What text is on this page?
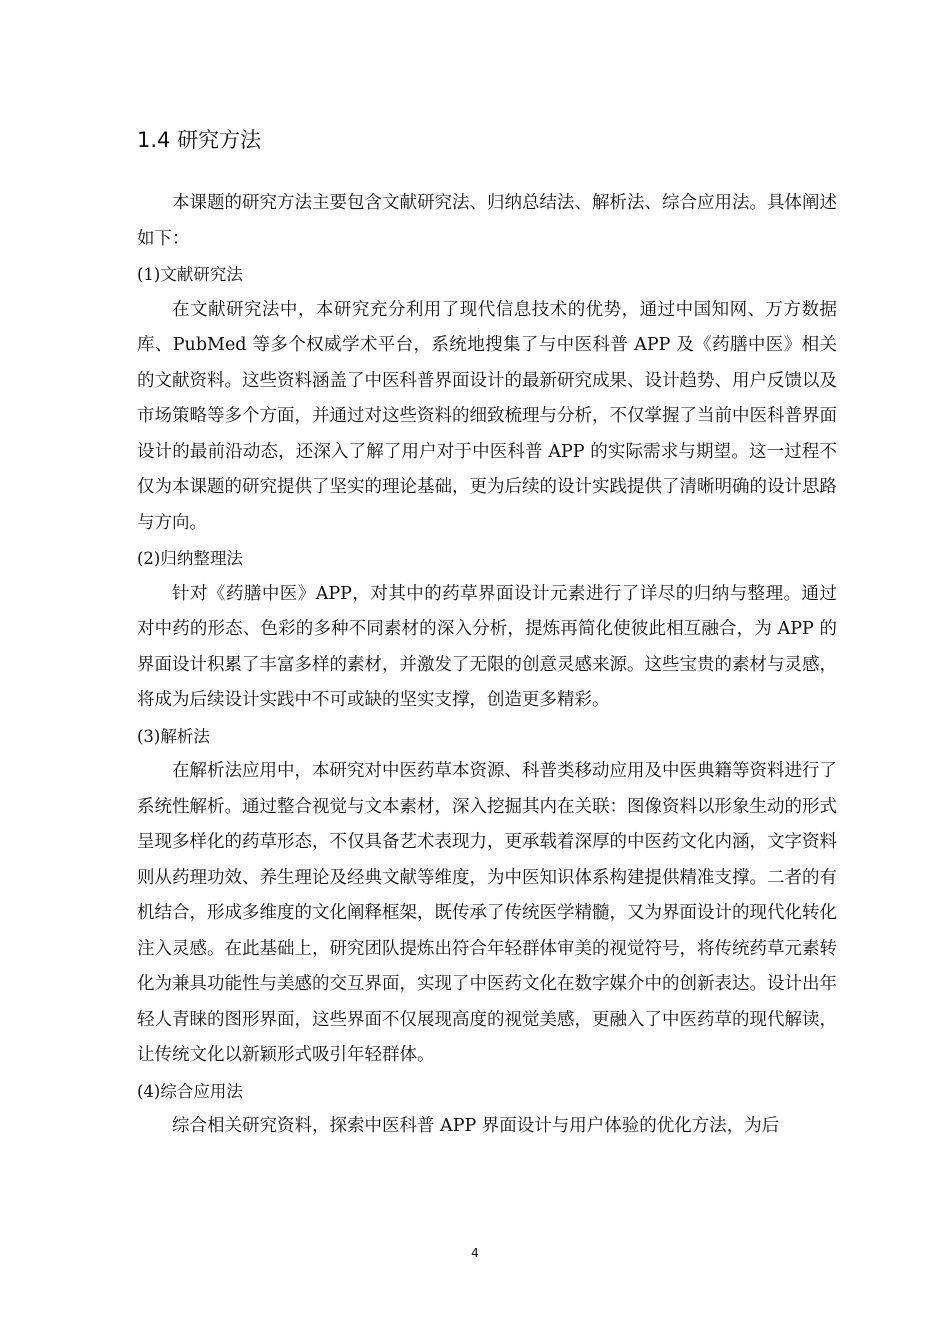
1.4 研究方法

本课题的研究方法主要包含文献研究法、归纳总结法、解析法、综合应用法。具体阐述如下：

(1)文献研究法

在文献研究法中，本研究充分利用了现代信息技术的优势，通过中国知网、万方数据库、PubMed 等多个权威学术平台，系统地搜集了与中医科普 APP 及《药膳中医》相关的文献资料。这些资料涵盖了中医科普界面设计的最新研究成果、设计趋势、用户反馈以及市场策略等多个方面，并通过对这些资料的细致梳理与分析，不仅掌握了当前中医科普界面设计的最前沿动态，还深入了解了用户对于中医科普 APP 的实际需求与期望。这一过程不仅为本课题的研究提供了坚实的理论基础，更为后续的设计实践提供了清晰明确的设计思路与方向。

(2)归纳整理法

针对《药膳中医》APP，对其中的药草界面设计元素进行了详尽的归纳与整理。通过对中药的形态、色彩的多种不同素材的深入分析，提炼再简化使彼此相互融合，为 APP 的界面设计积累了丰富多样的素材，并激发了无限的创意灵感来源。这些宝贵的素材与灵感，将成为后续设计实践中不可或缺的坚实支撑，创造更多精彩。

(3)解析法

在解析法应用中，本研究对中医药草本资源、科普类移动应用及中医典籍等资料进行了系统性解析。通过整合视觉与文本素材，深入挖掘其内在关联：图像资料以形象生动的形式呈现多样化的药草形态，不仅具备艺术表现力，更承载着深厚的中医药文化内涵，文字资料则从药理功效、养生理论及经典文献等维度，为中医知识体系构建提供精准支撑。二者的有机结合，形成多维度的文化阐释框架，既传承了传统医学精髓，又为界面设计的现代化转化注入灵感。在此基础上，研究团队提炼出符合年轻群体审美的视觉符号，将传统药草元素转化为兼具功能性与美感的交互界面，实现了中医药文化在数字媒介中的创新表达。设计出年轻人青睐的图形界面，这些界面不仅展现高度的视觉美感，更融入了中医药草的现代解读，让传统文化以新颖形式吸引年轻群体。

(4)综合应用法

综合相关研究资料，探索中医科普 APP 界面设计与用户体验的优化方法，为后

4
